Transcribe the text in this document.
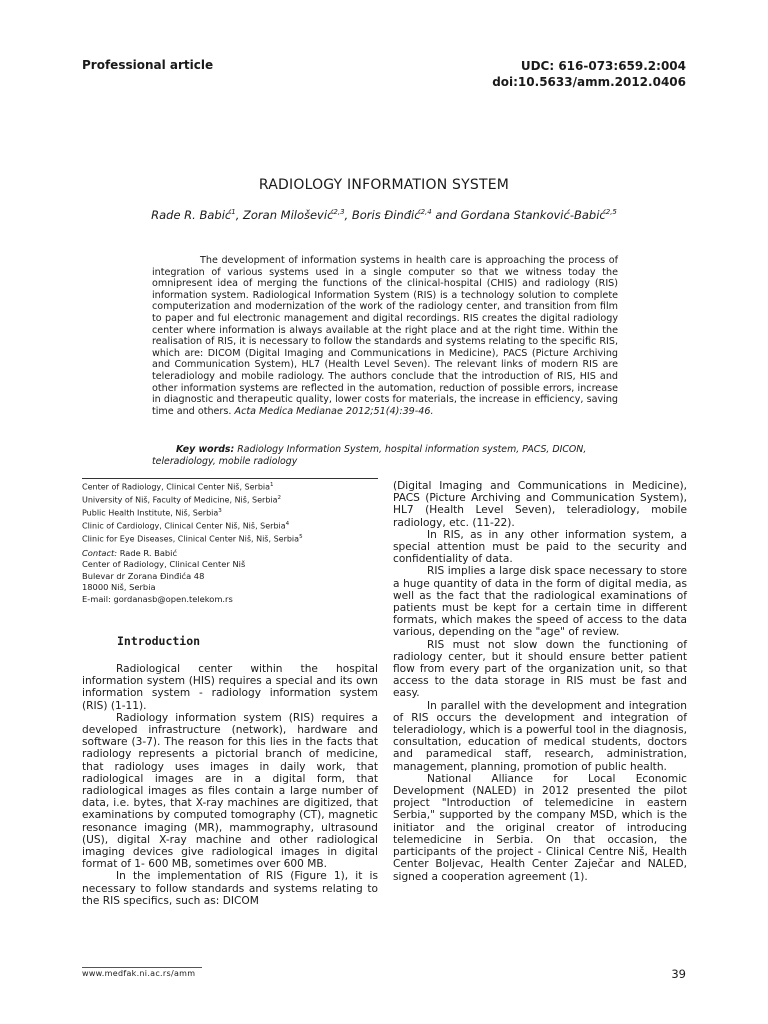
Professional article	UDC: 616-073:659.2:004
doi:10.5633/amm.2012.0406
RADIOLOGY INFORMATION SYSTEM
Rade R. Babić$^1$, Zoran Milošević$^{2,3}$, Boris Đinđić$^{2,4}$ and Gordana Stanković-Babić$^{2,5}$

The development of information systems in health care is approaching the process of integration of various systems used in a single computer so that we witness today the omnipresent idea of merging the functions of the clinical-hospital (CHIS) and radiology (RIS) information system. Radiological Information System (RIS) is a technology solution to complete computerization and modernization of the work of the radiology center, and transition from film to paper and ful electronic management and digital recordings. RIS creates the digital radiology center where information is always available at the right place and at the right time. Within the realisation of RIS, it is necessary to follow the standards and systems relating to the specific RIS, which are: DICOM (Digital Imaging and Communications in Medicine), PACS (Picture Archiving and Communication System), HL7 (Health Level Seven). The relevant links of modern RIS are teleradiology and mobile radiology. The authors conclude that the introduction of RIS, HIS and other information systems are reflected in the automation, reduction of possible errors, increase in diagnostic and therapeutic quality, lower costs for materials, the increase in efficiency, saving time and others. Acta Medica Medianae 2012;51(4):39-46.

Key words: Radiology Information System, hospital information system, PACS, DICON, teleradiology, mobile radiology
Center of Radiology, Clinical Center Niš, Serbia$^1$
University of Niš, Faculty of Medicine, Niš, Serbia$^2$
Public Health Institute, Niš, Serbia$^3$
Clinic of Cardiology, Clinical Center Niš, Niš, Serbia$^4$
Clinic for Eye Diseases, Clinical Center Niš, Niš, Serbia$^5$
Contact: Rade R. Babić
Center of Radiology, Clinical Center Niš
Bulevar dr Zorana Đinđića 48
18000 Niš, Serbia
E-mail: gordanasb@open.telekom.rs
Introduction

Radiological center within the hospital information system (HIS) requires a special and its own information system - radiology information system (RIS) (1-11).

Radiology information system (RIS) requires a developed infrastructure (network), hardware and software (3-7). The reason for this lies in the facts that radiology represents a pictorial branch of medicine, that radiology uses images in daily work, that radiological images are in a digital form, that radiological images as files contain a large number of data, i.e. bytes, that X-ray machines are digitized, that examinations by computed tomography (CT), magnetic resonance imaging (MR), mammography, ultrasound (US), digital X-ray machine and other radiological imaging devices give radiological images in digital format of 1- 600 MB, sometimes over 600 MB.

In the implementation of RIS (Figure 1), it is necessary to follow standards and systems relating to the RIS specifics, such as: DICOM

(Digital Imaging and Communications in Medicine), PACS (Picture Archiving and Communication System), HL7 (Health Level Seven), teleradiology, mobile radiology, etc. (11-22).

In RIS, as in any other information system, a special attention must be paid to the security and confidentiality of data.

RIS implies a large disk space necessary to store a huge quantity of data in the form of digital media, as well as the fact that the radiological examinations of patients must be kept for a certain time in different formats, which makes the speed of access to the data various, depending on the "age" of review.

RIS must not slow down the functioning of radiology center, but it should ensure better patient flow from every part of the organization unit, so that access to the data storage in RIS must be fast and easy.

In parallel with the development and integration of RIS occurs the development and integration of teleradiology, which is a powerful tool in the diagnosis, consultation, education of medical students, doctors and paramedical staff, research, administration, management, planning, promotion of public health.

National Alliance for Local Economic Development (NALED) in 2012 presented the pilot project "Introduction of telemedicine in eastern Serbia," supported by the company MSD, which is the initiator and the original creator of introducing telemedicine in Serbia. On that occasion, the participants of the project - Clinical Centre Niš, Health Center Boljevac, Health Center Zaječar and NALED, signed a cooperation agreement (1).

www.medfak.ni.ac.rs/amm	39
